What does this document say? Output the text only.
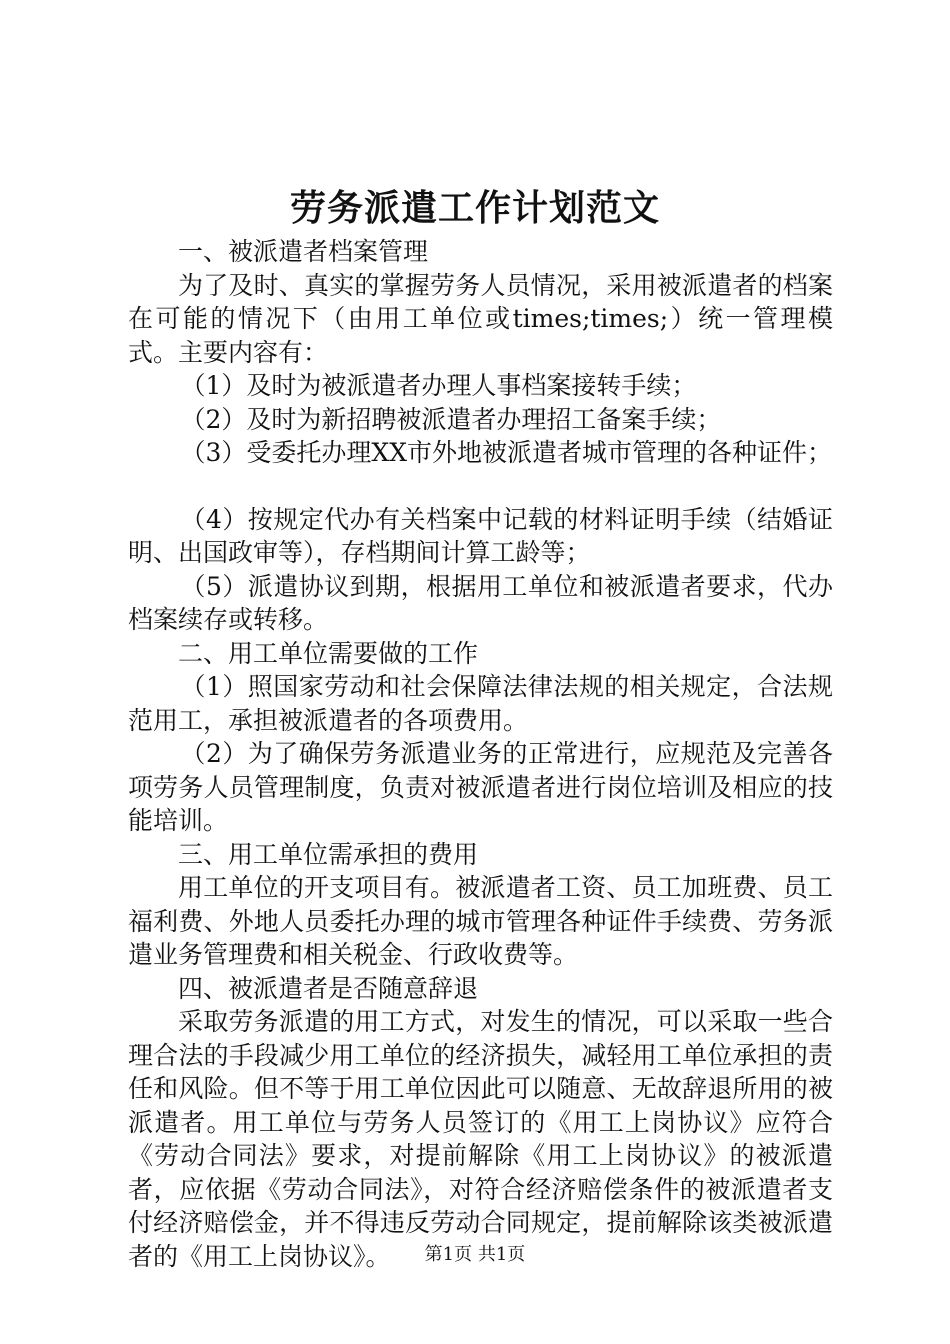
劳务派遣工作计划范文

一、被派遣者档案管理

为了及时、真实的掌握劳务人员情况，采用被派遣者的档案在可能的情况下（由用工单位或times;times;）统一管理模式。主要内容有：

（1）及时为被派遣者办理人事档案接转手续；

（2）及时为新招聘被派遣者办理招工备案手续；

（3）受委托办理XX市外地被派遣者城市管理的各种证件；

（4）按规定代办有关档案中记载的材料证明手续（结婚证明、出国政审等），存档期间计算工龄等；

（5）派遣协议到期，根据用工单位和被派遣者要求，代办档案续存或转移。

二、用工单位需要做的工作

（1）照国家劳动和社会保障法律法规的相关规定，合法规范用工，承担被派遣者的各项费用。

（2）为了确保劳务派遣业务的正常进行，应规范及完善各项劳务人员管理制度，负责对被派遣者进行岗位培训及相应的技能培训。

三、用工单位需承担的费用

用工单位的开支项目有。被派遣者工资、员工加班费、员工福利费、外地人员委托办理的城市管理各种证件手续费、劳务派遣业务管理费和相关税金、行政收费等。

四、被派遣者是否随意辞退

采取劳务派遣的用工方式，对发生的情况，可以采取一些合理合法的手段减少用工单位的经济损失，减轻用工单位承担的责任和风险。但不等于用工单位因此可以随意、无故辞退所用的被派遣者。用工单位与劳务人员签订的《用工上岗协议》应符合《劳动合同法》要求，对提前解除《用工上岗协议》的被派遣者，应依据《劳动合同法》，对符合经济赔偿条件的被派遣者支付经济赔偿金，并不得违反劳动合同规定，提前解除该类被派遣者的《用工上岗协议》。	第1页 共1页
